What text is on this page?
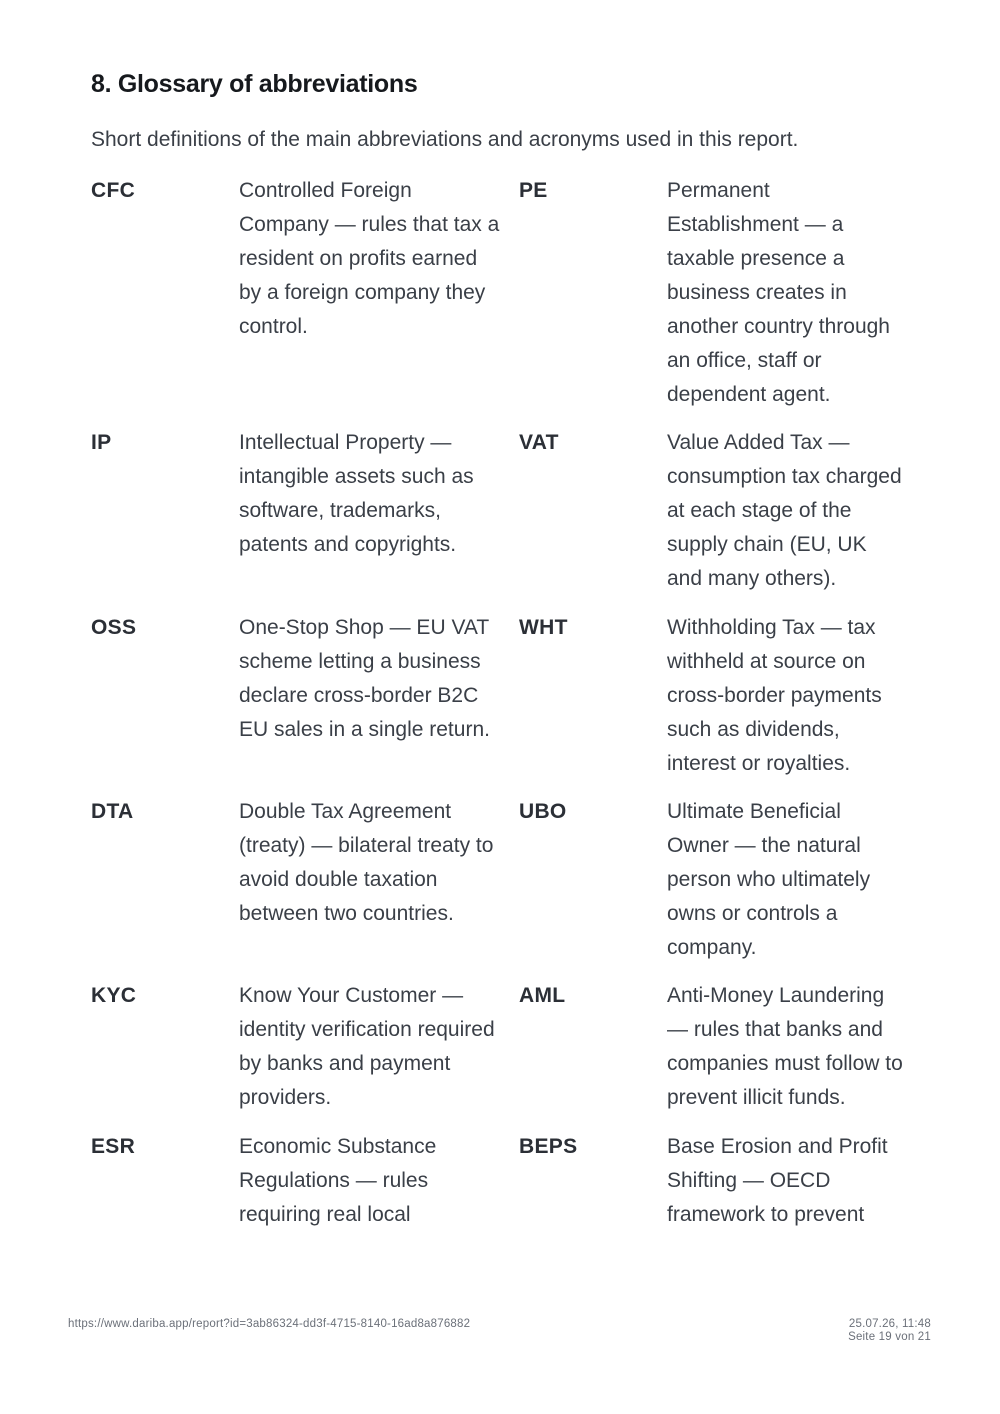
8. Glossary of abbreviations

Short definitions of the main abbreviations and acronyms used in this report.

CFC	Controlled Foreign Company — rules that tax a resident on profits earned by a foreign company they control.
PE	Permanent Establishment — a taxable presence a business creates in another country through an office, staff or dependent agent.
IP	Intellectual Property — intangible assets such as software, trademarks, patents and copyrights.
VAT	Value Added Tax — consumption tax charged at each stage of the supply chain (EU, UK and many others).
OSS	One-Stop Shop — EU VAT scheme letting a business declare cross-border B2C EU sales in a single return.
WHT	Withholding Tax — tax withheld at source on cross-border payments such as dividends, interest or royalties.
DTA	Double Tax Agreement (treaty) — bilateral treaty to avoid double taxation between two countries.
UBO	Ultimate Beneficial Owner — the natural person who ultimately owns or controls a company.
KYC	Know Your Customer — identity verification required by banks and payment providers.
AML	Anti-Money Laundering — rules that banks and companies must follow to prevent illicit funds.
ESR	Economic Substance Regulations — rules requiring real local
BEPS	Base Erosion and Profit Shifting — OECD framework to prevent
https://www.dariba.app/report?id=3ab86324-dd3f-4715-8140-16ad8a876882	25.07.26, 11:48
Seite 19 von 21
